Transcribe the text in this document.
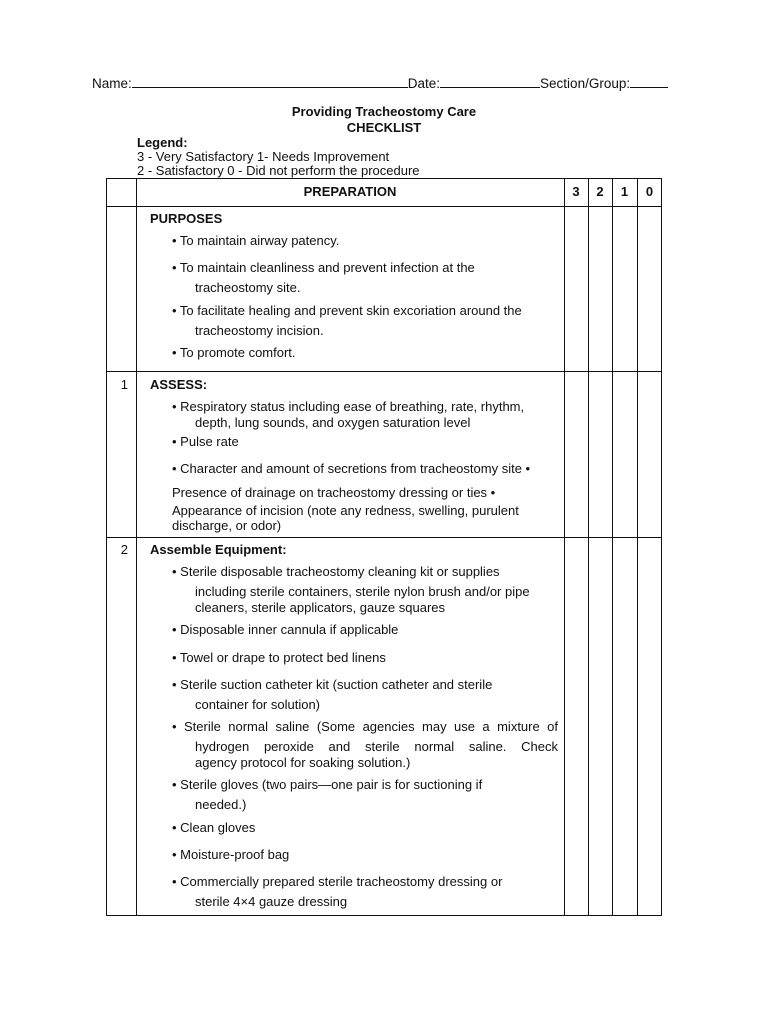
Name:	Date:	Section/Group:
Providing Tracheostomy Care
CHECKLIST
Legend:
3 - Very Satisfactory 1- Needs Improvement
2 - Satisfactory 0 - Did not perform the procedure
PREPARATION	3	2	1	0
PURPOSES
• To maintain airway patency.
• To maintain cleanliness and prevent infection at the
tracheostomy site.
• To facilitate healing and prevent skin excoriation around the
tracheostomy incision.
• To promote comfort.
1	ASSESS:
• Respiratory status including ease of breathing, rate, rhythm,
depth, lung sounds, and oxygen saturation level
• Pulse rate
• Character and amount of secretions from tracheostomy site •
Presence of drainage on tracheostomy dressing or ties •
Appearance of incision (note any redness, swelling, purulent
discharge, or odor)
2	Assemble Equipment:
• Sterile disposable tracheostomy cleaning kit or supplies
including sterile containers, sterile nylon brush and/or pipe
cleaners, sterile applicators, gauze squares
• Disposable inner cannula if applicable
• Towel or drape to protect bed linens
• Sterile suction catheter kit (suction catheter and sterile
container for solution)
• Sterile normal saline (Some agencies may use a mixture of
hydrogen peroxide and sterile normal saline. Check
agency protocol for soaking solution.)
• Sterile gloves (two pairs—one pair is for suctioning if
needed.)
• Clean gloves
• Moisture-proof bag
• Commercially prepared sterile tracheostomy dressing or
sterile 4×4 gauze dressing
